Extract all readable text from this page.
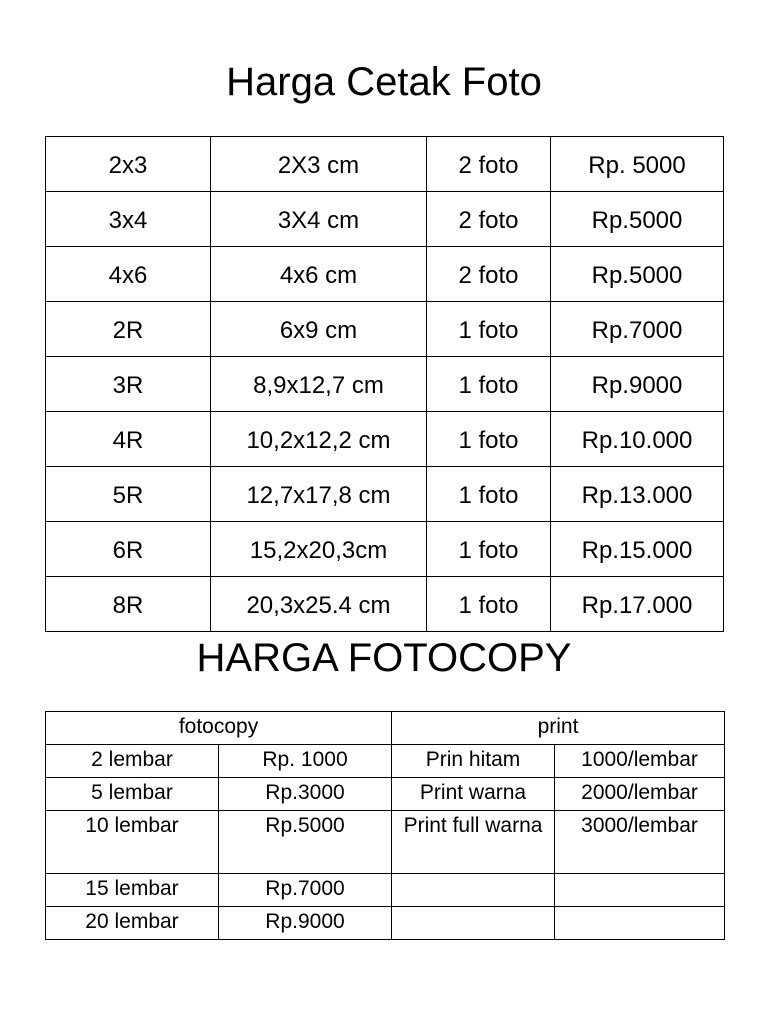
Harga Cetak Foto
2x3	2X3 cm	2 foto	Rp. 5000
3x4	3X4 cm	2 foto	Rp.5000
4x6	4x6 cm	2 foto	Rp.5000
2R	6x9 cm	1 foto	Rp.7000
3R	8,9x12,7 cm	1 foto	Rp.9000
4R	10,2x12,2 cm	1 foto	Rp.10.000
5R	12,7x17,8 cm	1 foto	Rp.13.000
6R	15,2x20,3cm	1 foto	Rp.15.000
8R	20,3x25.4 cm	1 foto	Rp.17.000
HARGA FOTOCOPY
fotocopy		print	
2 lembar	Rp. 1000	Prin hitam	1000/lembar
5 lembar	Rp.3000	Print warna	2000/lembar
10 lembar	Rp.5000	Print full warna	3000/lembar
15 lembar	Rp.7000		
20 lembar	Rp.9000		
